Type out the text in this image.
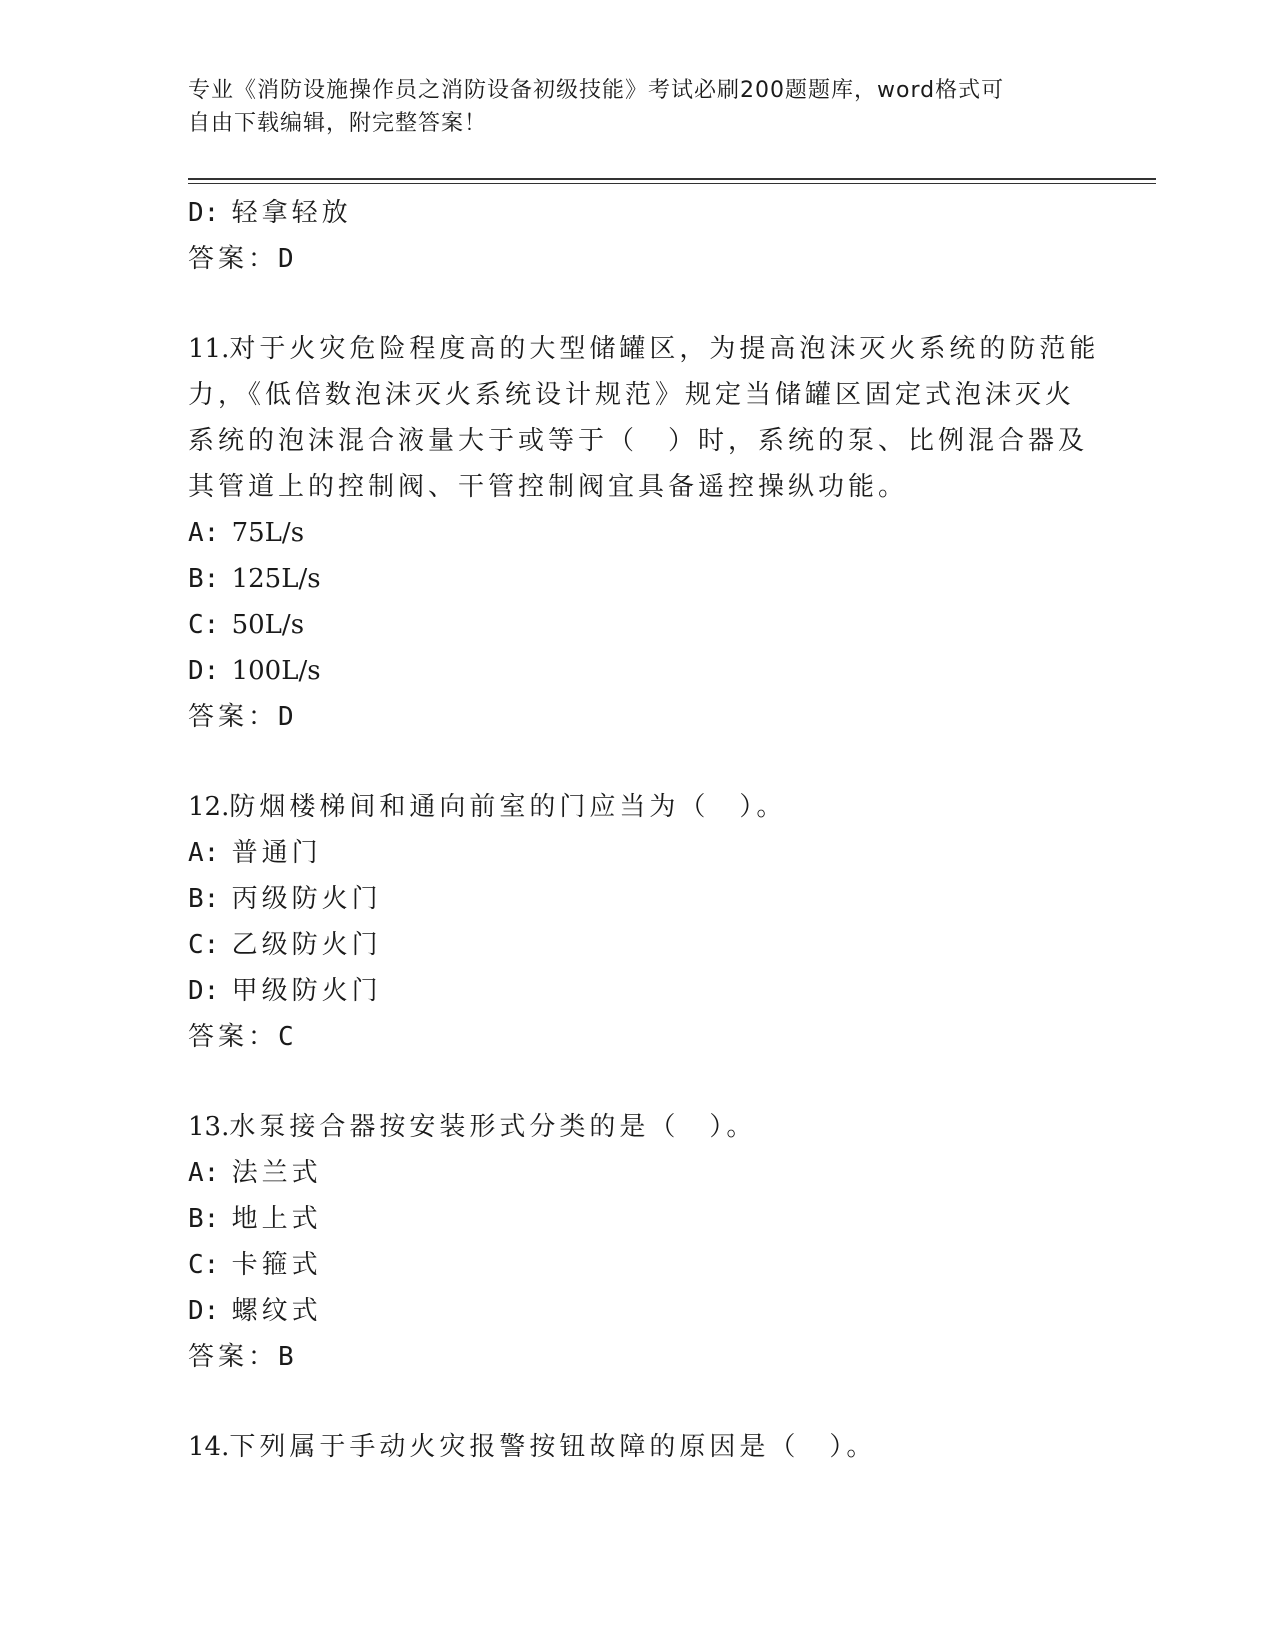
专业《消防设施操作员之消防设备初级技能》考试必刷200题题库，word格式可
自由下载编辑，附完整答案！
D: 轻拿轻放
答案：D
11.对于火灾危险程度高的大型储罐区，为提高泡沫灭火系统的防范能
力，《低倍数泡沫灭火系统设计规范》规定当储罐区固定式泡沫灭火
系统的泡沫混合液量大于或等于（　）时，系统的泵、比例混合器及
其管道上的控制阀、干管控制阀宜具备遥控操纵功能。
A: 75L/s
B: 125L/s
C: 50L/s
D: 100L/s
答案：D
12.防烟楼梯间和通向前室的门应当为（　）。
A: 普通门
B: 丙级防火门
C: 乙级防火门
D: 甲级防火门
答案：C
13.水泵接合器按安装形式分类的是（　）。
A: 法兰式
B: 地上式
C: 卡箍式
D: 螺纹式
答案：B
14.下列属于手动火灾报警按钮故障的原因是（　）。
